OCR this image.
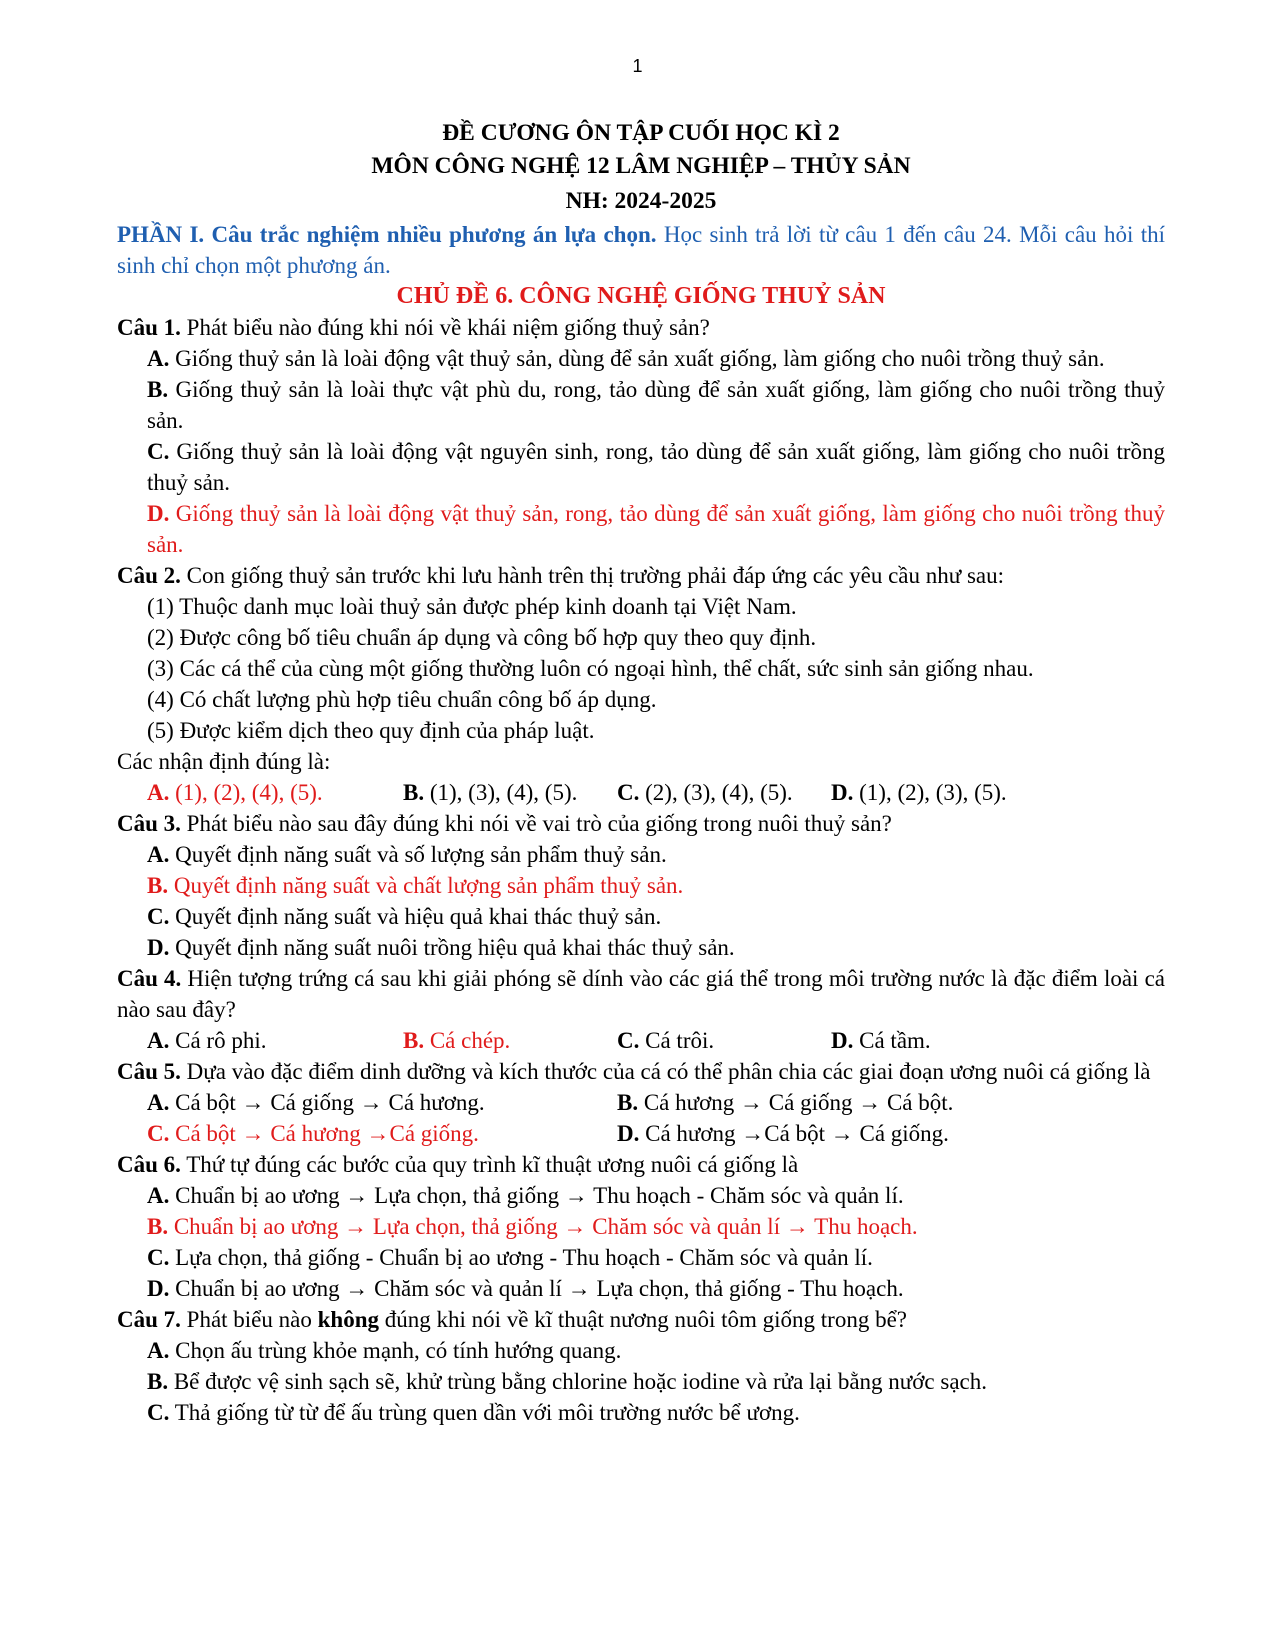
1

ĐỀ CƯƠNG ÔN TẬP CUỐI HỌC KÌ 2

MÔN CÔNG NGHỆ 12 LÂM NGHIỆP – THỦY SẢN

NH: 2024-2025

PHẦN I. Câu trắc nghiệm nhiều phương án lựa chọn. Học sinh trả lời từ câu 1 đến câu 24. Mỗi câu hỏi thí sinh chỉ chọn một phương án.

CHỦ ĐỀ 6. CÔNG NGHỆ GIỐNG THUỶ SẢN

Câu 1. Phát biểu nào đúng khi nói về khái niệm giống thuỷ sản?

A. Giống thuỷ sản là loài động vật thuỷ sản, dùng để sản xuất giống, làm giống cho nuôi trồng thuỷ sản.

B. Giống thuỷ sản là loài thực vật phù du, rong, tảo dùng để sản xuất giống, làm giống cho nuôi trồng thuỷ sản.

C. Giống thuỷ sản là loài động vật nguyên sinh, rong, tảo dùng để sản xuất giống, làm giống cho nuôi trồng thuỷ sản.

D. Giống thuỷ sản là loài động vật thuỷ sản, rong, tảo dùng để sản xuất giống, làm giống cho nuôi trồng thuỷ sản.

Câu 2. Con giống thuỷ sản trước khi lưu hành trên thị trường phải đáp ứng các yêu cầu như sau:

(1) Thuộc danh mục loài thuỷ sản được phép kinh doanh tại Việt Nam.

(2) Được công bố tiêu chuẩn áp dụng và công bố hợp quy theo quy định.

(3) Các cá thể của cùng một giống thường luôn có ngoại hình, thể chất, sức sinh sản giống nhau.

(4) Có chất lượng phù hợp tiêu chuẩn công bố áp dụng.

(5) Được kiểm dịch theo quy định của pháp luật.

Các nhận định đúng là:

A. (1), (2), (4), (5).	B. (1), (3), (4), (5).	C. (2), (3), (4), (5).	D. (1), (2), (3), (5).

Câu 3. Phát biểu nào sau đây đúng khi nói về vai trò của giống trong nuôi thuỷ sản?

A. Quyết định năng suất và số lượng sản phẩm thuỷ sản.

B. Quyết định năng suất và chất lượng sản phẩm thuỷ sản.

C. Quyết định năng suất và hiệu quả khai thác thuỷ sản.

D. Quyết định năng suất nuôi trồng hiệu quả khai thác thuỷ sản.

Câu 4. Hiện tượng trứng cá sau khi giải phóng sẽ dính vào các giá thể trong môi trường nước là đặc điểm loài cá nào sau đây?

A. Cá rô phi.	B. Cá chép.	C. Cá trôi.	D. Cá tầm.

Câu 5. Dựa vào đặc điểm dinh dưỡng và kích thước của cá có thể phân chia các giai đoạn ương nuôi cá giống là

A. Cá bột → Cá giống → Cá hương.	B. Cá hương → Cá giống → Cá bột.
C. Cá bột → Cá hương →Cá giống.	D. Cá hương →Cá bột → Cá giống.

Câu 6. Thứ tự đúng các bước của quy trình kĩ thuật ương nuôi cá giống là

A. Chuẩn bị ao ương → Lựa chọn, thả giống → Thu hoạch - Chăm sóc và quản lí.

B. Chuẩn bị ao ương → Lựa chọn, thả giống → Chăm sóc và quản lí → Thu hoạch.

C. Lựa chọn, thả giống - Chuẩn bị ao ương - Thu hoạch - Chăm sóc và quản lí.

D. Chuẩn bị ao ương → Chăm sóc và quản lí → Lựa chọn, thả giống - Thu hoạch.

Câu 7. Phát biểu nào không đúng khi nói về kĩ thuật nương nuôi tôm giống trong bể?

A. Chọn ấu trùng khỏe mạnh, có tính hướng quang.

B. Bể được vệ sinh sạch sẽ, khử trùng bằng chlorine hoặc iodine và rửa lại bằng nước sạch.

C. Thả giống từ từ để ấu trùng quen dần với môi trường nước bể ương.
